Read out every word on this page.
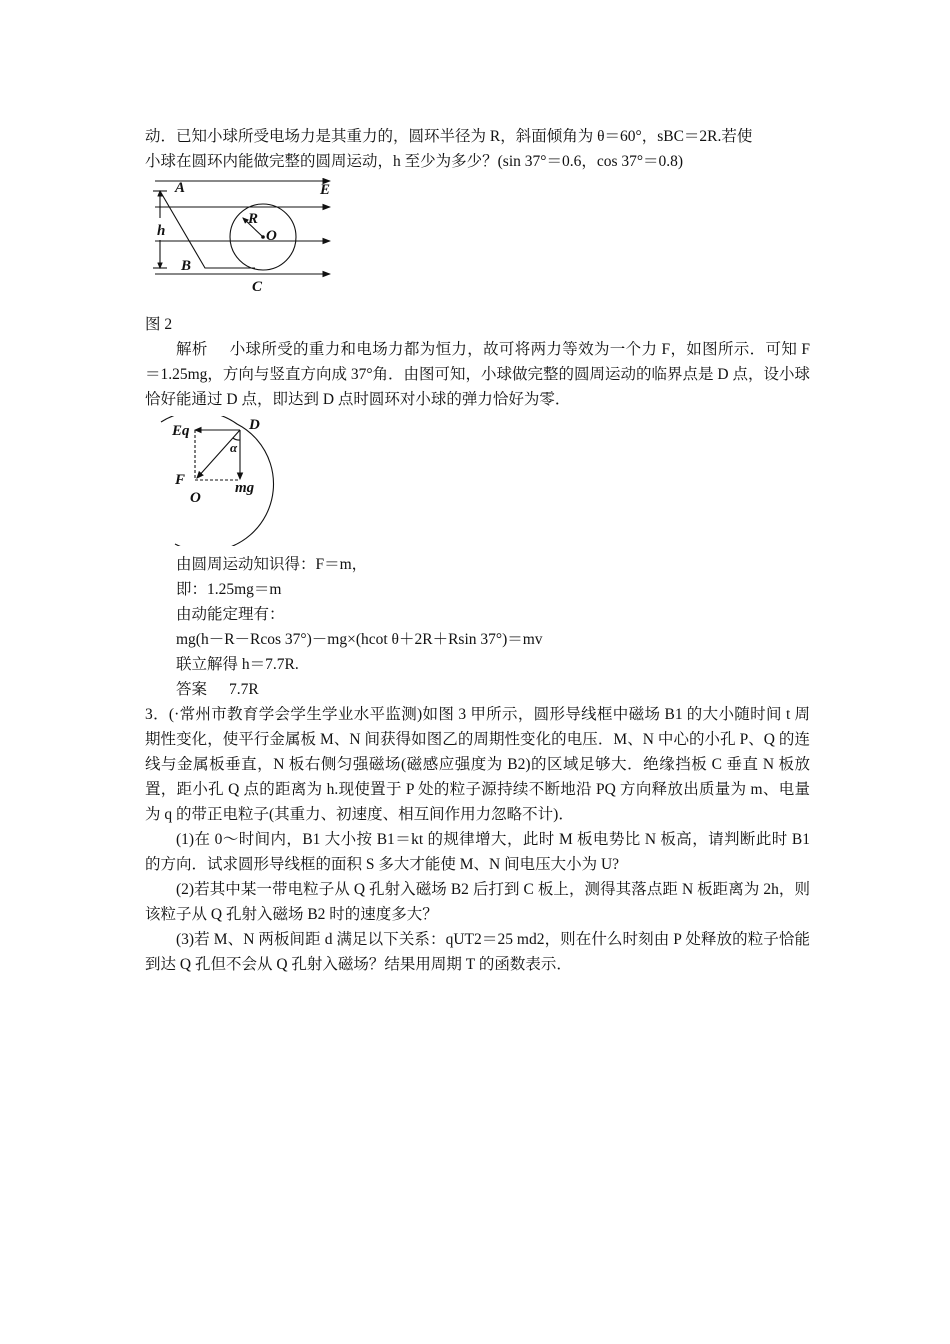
动．已知小球所受电场力是其重力的，圆环半径为 R，斜面倾角为 θ＝60°，sBC＝2R.若使

小球在圆环内能做完整的圆周运动，h 至少为多少？(sin 37°＝0.6，cos 37°＝0.8)

A	E
R
O
h
B
C

图 2

解析 小球所受的重力和电场力都为恒力，故可将两力等效为一个力 F，如图所示．可知 F＝1.25mg，方向与竖直方向成 37°角．由图可知，小球做完整的圆周运动的临界点是 D 点，设小球恰好能通过 D 点，即达到 D 点时圆环对小球的弹力恰好为零．

Eq	D
α
F	mg
O

由圆周运动知识得：F＝m，

即：1.25mg＝m

由动能定理有：

mg(h－R－Rcos 37°)－mg×(hcot θ＋2R＋Rsin 37°)＝mv

联立解得 h＝7.7R.

答案 7.7R

3．(·常州市教育学会学生学业水平监测)如图 3 甲所示，圆形导线框中磁场 B1 的大小随时间 t 周期性变化，使平行金属板 M、N 间获得如图乙的周期性变化的电压．M、N 中心的小孔 P、Q 的连线与金属板垂直，N 板右侧匀强磁场(磁感应强度为 B2)的区域足够大．绝缘挡板 C 垂直 N 板放置，距小孔 Q 点的距离为 h.现使置于 P 处的粒子源持续不断地沿 PQ 方向释放出质量为 m、电量为 q 的带正电粒子(其重力、初速度、相互间作用力忽略不计)．

(1)在 0～时间内，B1 大小按 B1＝kt 的规律增大，此时 M 板电势比 N 板高，请判断此时 B1 的方向．试求圆形导线框的面积 S 多大才能使 M、N 间电压大小为 U?

(2)若其中某一带电粒子从 Q 孔射入磁场 B2 后打到 C 板上，测得其落点距 N 板距离为 2h，则该粒子从 Q 孔射入磁场 B2 时的速度多大？

(3)若 M、N 两板间距 d 满足以下关系：qUT2＝25 md2，则在什么时刻由 P 处释放的粒子恰能到达 Q 孔但不会从 Q 孔射入磁场？结果用周期 T 的函数表示．
